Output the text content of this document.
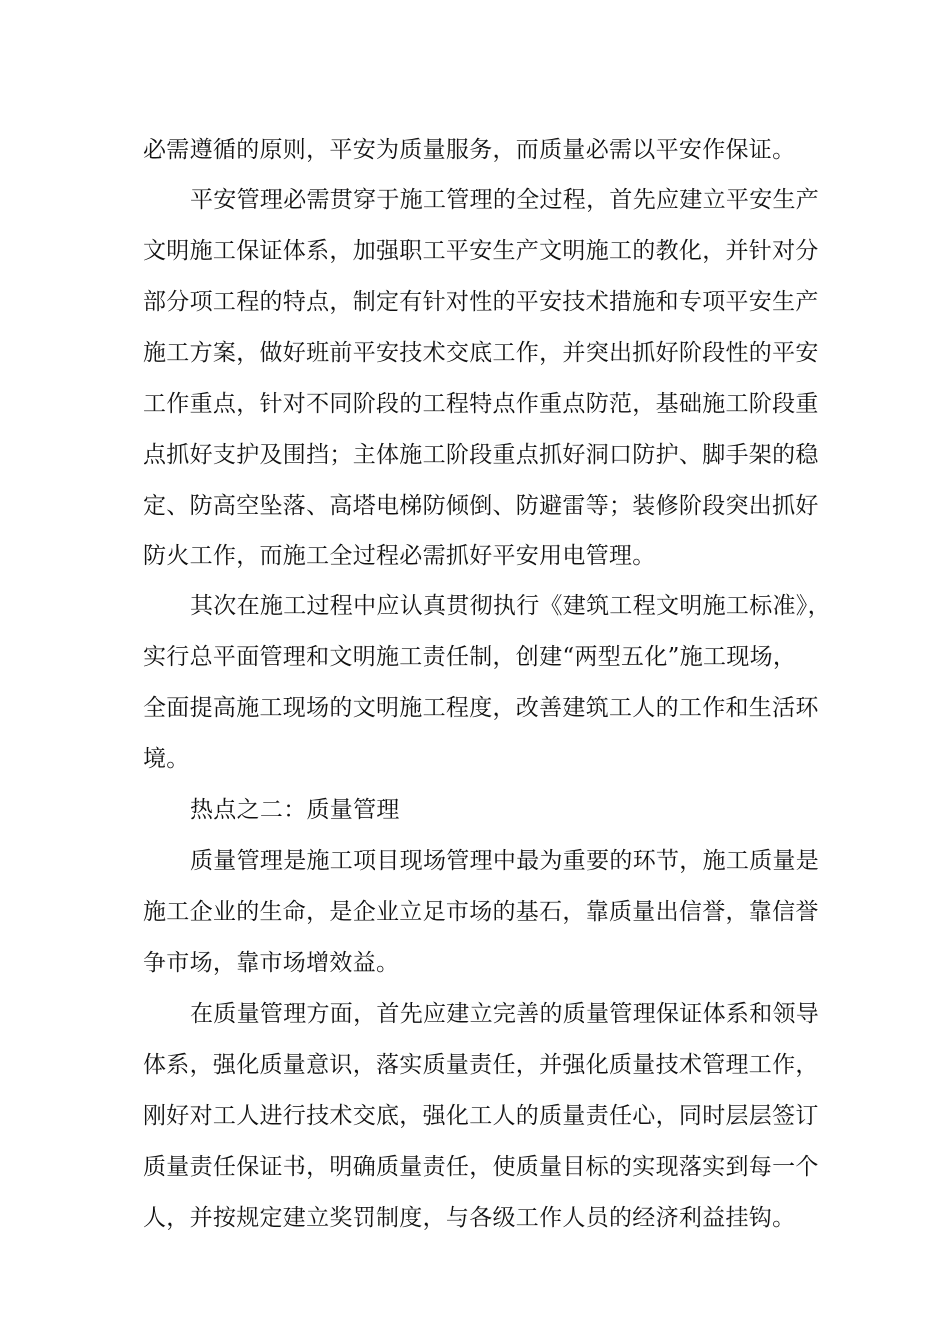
必需遵循的原则，平安为质量服务，而质量必需以平安作保证。
平安管理必需贯穿于施工管理的全过程，首先应建立平安生产
文明施工保证体系，加强职工平安生产文明施工的教化，并针对分
部分项工程的特点，制定有针对性的平安技术措施和专项平安生产
施工方案，做好班前平安技术交底工作，并突出抓好阶段性的平安
工作重点，针对不同阶段的工程特点作重点防范，基础施工阶段重
点抓好支护及围挡；主体施工阶段重点抓好洞口防护、脚手架的稳
定、防高空坠落、高塔电梯防倾倒、防避雷等；装修阶段突出抓好
防火工作，而施工全过程必需抓好平安用电管理。
其次在施工过程中应认真贯彻执行《建筑工程文明施工标准》，
实行总平面管理和文明施工责任制，创建“两型五化”施工现场，
全面提高施工现场的文明施工程度，改善建筑工人的工作和生活环
境。
热点之二：质量管理
质量管理是施工项目现场管理中最为重要的环节，施工质量是
施工企业的生命，是企业立足市场的基石，靠质量出信誉，靠信誉
争市场，靠市场增效益。
在质量管理方面，首先应建立完善的质量管理保证体系和领导
体系，强化质量意识，落实质量责任，并强化质量技术管理工作，
刚好对工人进行技术交底，强化工人的质量责任心，同时层层签订
质量责任保证书，明确质量责任，使质量目标的实现落实到每一个
人，并按规定建立奖罚制度，与各级工作人员的经济利益挂钩。
